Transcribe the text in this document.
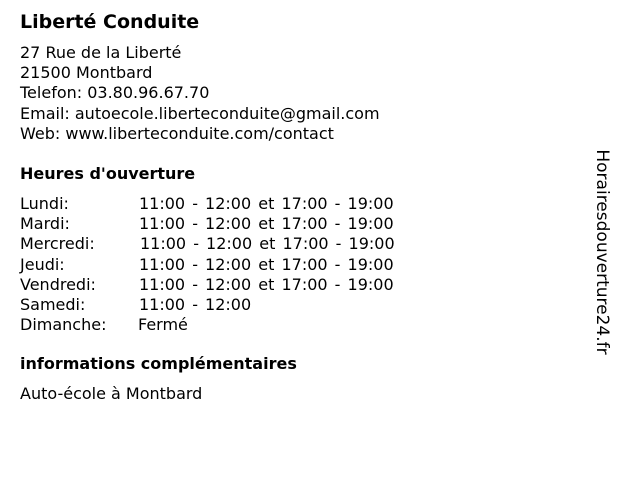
Liberté Conduite
27 Rue de la Liberté
21500 Montbard
Telefon: 03.80.96.67.70
Email: autoecole.liberteconduite@gmail.com
Web: www.liberteconduite.com/contact
Heures d'ouverture
Lundi:	11:00 - 12:00 et 17:00 - 19:00
Mardi:	11:00 - 12:00 et 17:00 - 19:00
Mercredi:	11:00 - 12:00 et 17:00 - 19:00
Jeudi:	11:00 - 12:00 et 17:00 - 19:00
Vendredi:	11:00 - 12:00 et 17:00 - 19:00
Samedi:	11:00 - 12:00
Dimanche: Fermé
informations complémentaires
Auto-école à Montbard
Horairesdouverture24.fr
